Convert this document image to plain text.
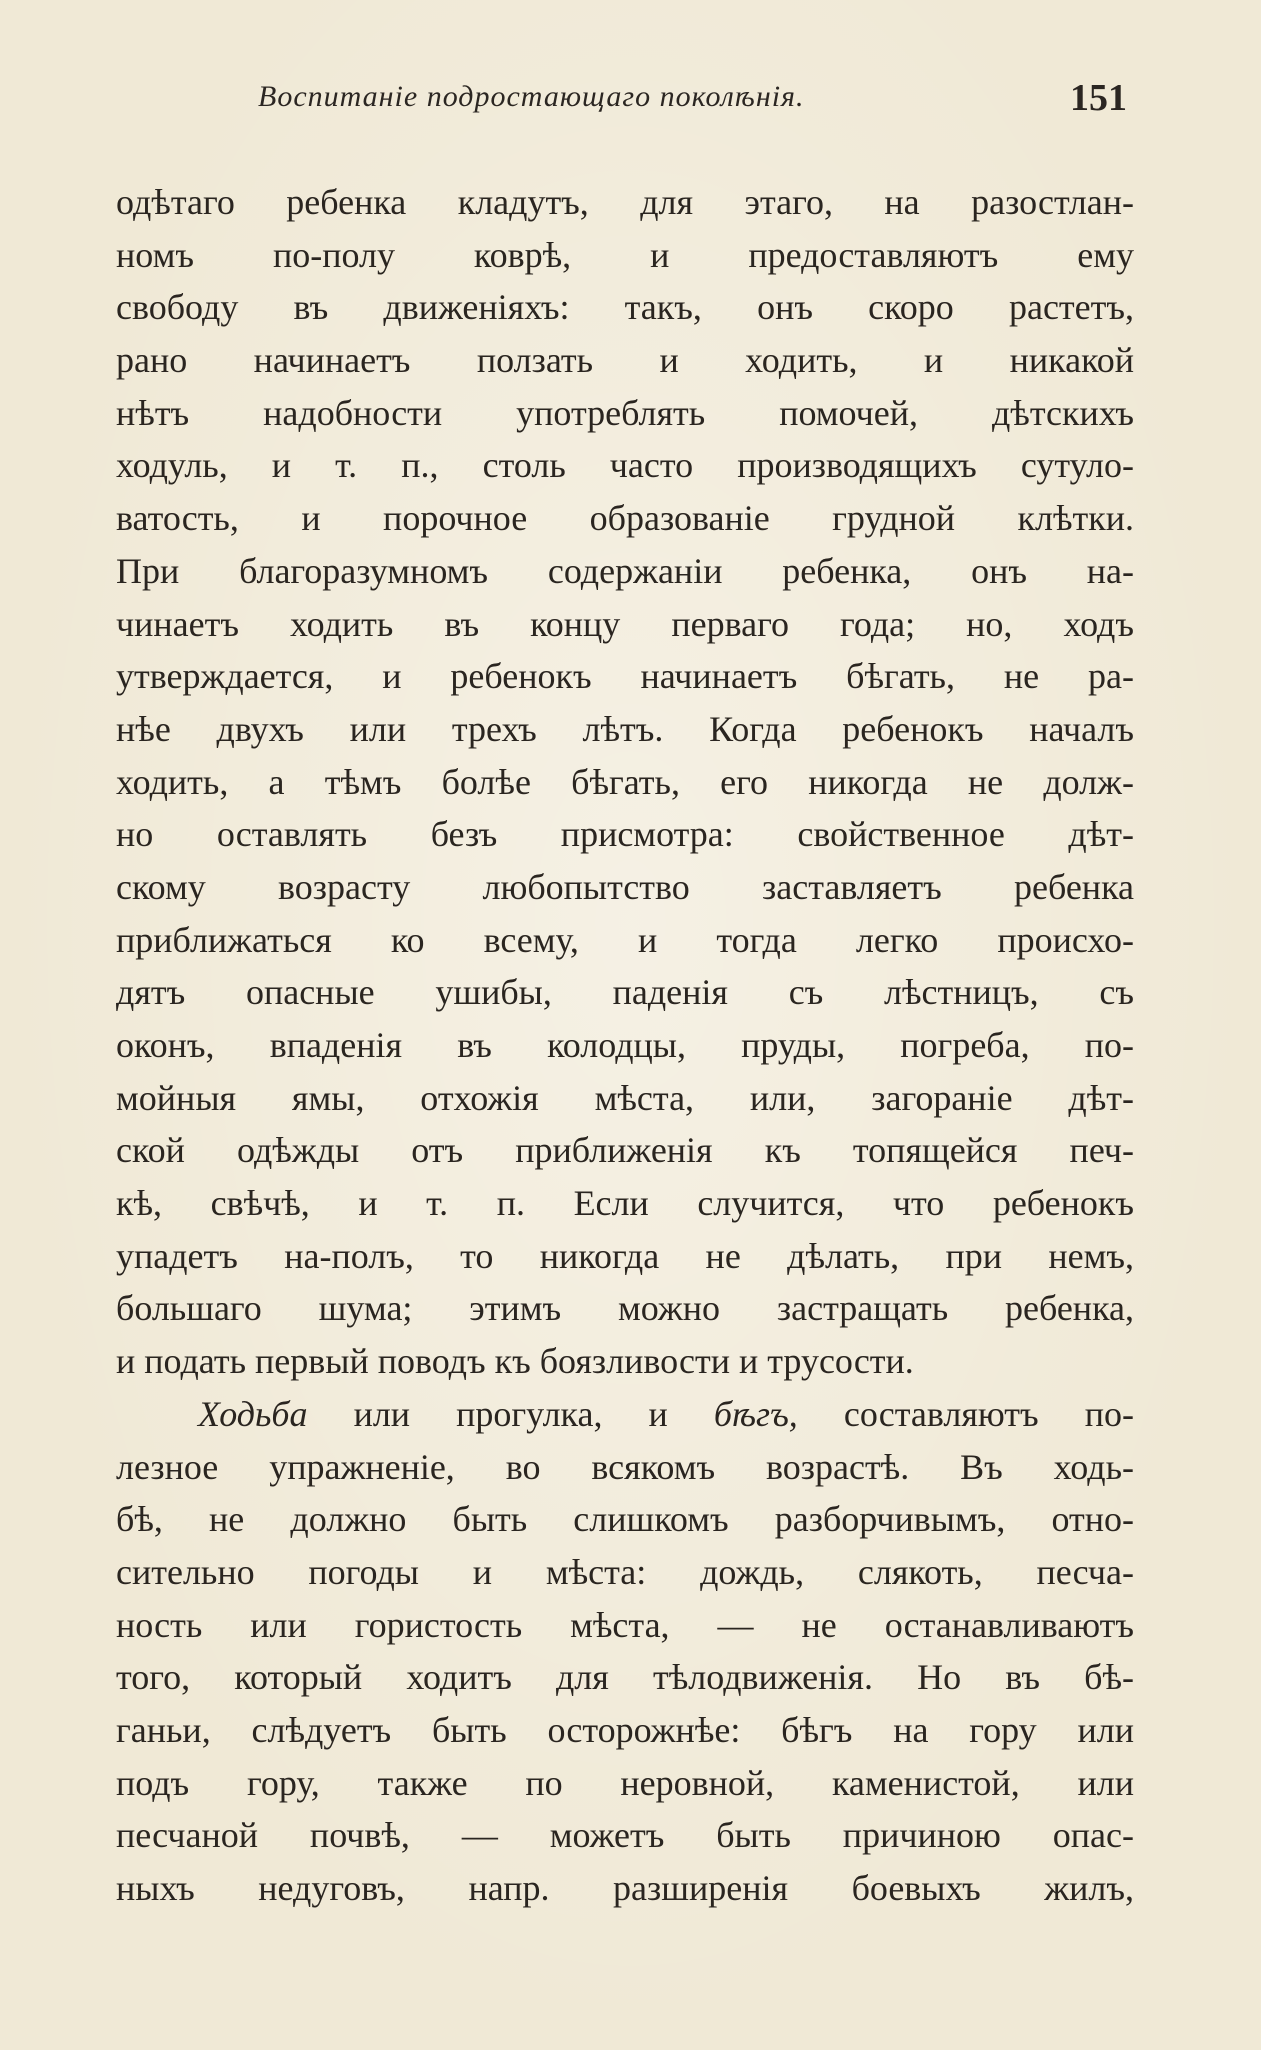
Воспитаніе подростающаго поколѣнія.	151
одѣтаго ребенка кладутъ, для этаго, на разостлан-
номъ по-полу коврѣ, и предоставляютъ ему
свободу въ движеніяхъ: такъ, онъ скоро растетъ,
рано начинаетъ ползать и ходить, и никакой
нѣтъ надобности употреблять помочей, дѣтскихъ
ходуль, и т. п., столь часто производящихъ сутуло-
ватость, и порочное образованіе грудной клѣтки.
При благоразумномъ содержаніи ребенка, онъ на-
чинаетъ ходить въ концу перваго года; но, ходъ
утверждается, и ребенокъ начинаетъ бѣгать, не ра-
нѣе двухъ или трехъ лѣтъ. Когда ребенокъ началъ
ходить, а тѣмъ болѣе бѣгать, его никогда не долж-
но оставлять безъ присмотра: свойственное дѣт-
скому возрасту любопытство заставляетъ ребенка
приближаться ко всему, и тогда легко происхо-
дятъ опасные ушибы, паденія съ лѣстницъ, съ
оконъ, впаденія въ колодцы, пруды, погреба, по-
мойныя ямы, отхожія мѣста, или, загораніе дѣт-
ской одѣжды отъ приближенія къ топящейся печ-
кѣ, свѣчѣ, и т. п. Если случится, что ребенокъ
упадетъ на-полъ, то никогда не дѣлать, при немъ,
большаго шума; этимъ можно застращать ребенка,
и подать первый поводъ къ боязливости и трусости.
Ходьба или прогулка, и бѣгъ, составляютъ по-
лезное упражненіе, во всякомъ возрастѣ. Въ ходь-
бѣ, не должно быть слишкомъ разборчивымъ, отно-
сительно погоды и мѣста: дождь, слякоть, песча-
ность или гористость мѣста, — не останавливаютъ
того, который ходитъ для тѣлодвиженія. Но въ бѣ-
ганьи, слѣдуетъ быть осторожнѣе: бѣгъ на гору или
подъ гору, также по неровной, каменистой, или
песчаной почвѣ, — можетъ быть причиною опас-
ныхъ недуговъ, напр. разширенія боевыхъ жилъ,
